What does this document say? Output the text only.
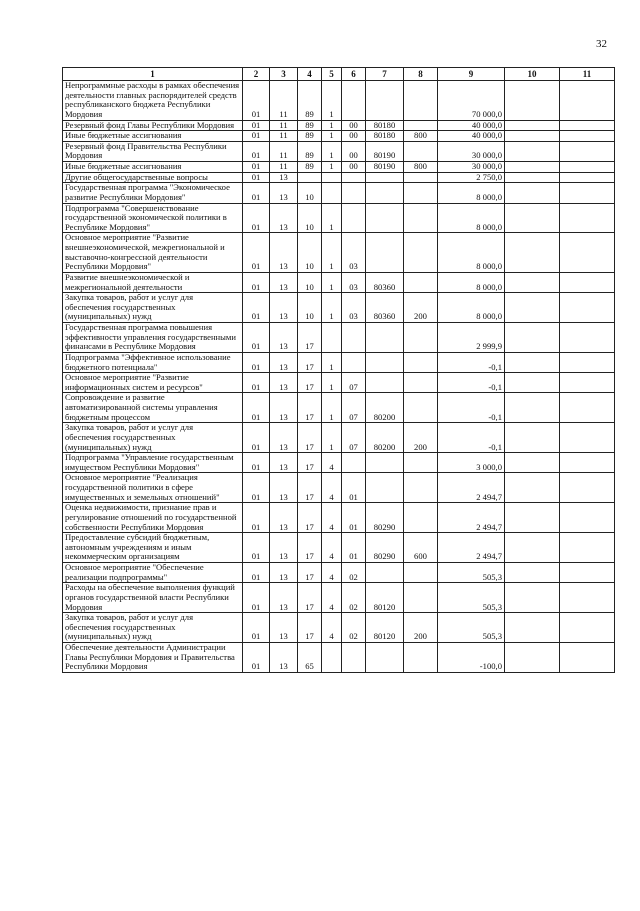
32
1	2	3	4	5	6	7	8	9	10	11
Непрограммные расходы в рамках обеспечения деятельности главных распорядителей средств республиканского бюджета Республики Мордовия	01	11	89	1				70 000,0		
Резервный фонд Главы Республики Мордовия	01	11	89	1	00	80180		40 000,0		
Иные бюджетные ассигнования	01	11	89	1	00	80180	800	40 000,0		
Резервный фонд Правительства Республики Мордовия	01	11	89	1	00	80190		30 000,0		
Иные бюджетные ассигнования	01	11	89	1	00	80190	800	30 000,0		
Другие общегосударственные вопросы	01	13						2 750,0		
Государственная программа "Экономическое развитие Республики Мордовия"	01	13	10					8 000,0		
Подпрограмма "Совершенствование государственной экономической политики в Республике Мордовия"	01	13	10	1				8 000,0		
Основное мероприятие "Развитие внешнеэкономической, межрегиональной и выставочно-конгрессной деятельности Республики Мордовия"	01	13	10	1	03			8 000,0		
Развитие внешнеэкономической и межрегиональной деятельности	01	13	10	1	03	80360		8 000,0		
Закупка товаров, работ и услуг для обеспечения государственных (муниципальных) нужд	01	13	10	1	03	80360	200	8 000,0		
Государственная программа повышения эффективности управления государственными финансами в Республике Мордовия	01	13	17					2 999,9		
Подпрограмма "Эффективное использование бюджетного потенциала"	01	13	17	1				-0,1		
Основное мероприятие "Развитие информационных систем и ресурсов"	01	13	17	1	07			-0,1		
Сопровождение и развитие автоматизированной системы управления бюджетным процессом	01	13	17	1	07	80200		-0,1		
Закупка товаров, работ и услуг для обеспечения государственных (муниципальных) нужд	01	13	17	1	07	80200	200	-0,1		
Подпрограмма "Управление государственным имуществом Республики Мордовия"	01	13	17	4				3 000,0		
Основное мероприятие "Реализация государственной политики в сфере имущественных и земельных отношений"	01	13	17	4	01			2 494,7		
Оценка недвижимости, признание прав и регулирование отношений по государственной собственности Республики Мордовия	01	13	17	4	01	80290		2 494,7		
Предоставление субсидий бюджетным, автономным учреждениям и иным некоммерческим организациям	01	13	17	4	01	80290	600	2 494,7		
Основное мероприятие "Обеспечение реализации подпрограммы"	01	13	17	4	02			505,3		
Расходы на обеспечение выполнения функций органов государственной власти Республики Мордовия	01	13	17	4	02	80120		505,3		
Закупка товаров, работ и услуг для обеспечения государственных (муниципальных) нужд	01	13	17	4	02	80120	200	505,3		
Обеспечение деятельности Администрации Главы Республики Мордовия и Правительства Республики Мордовия	01	13	65					-100,0		
